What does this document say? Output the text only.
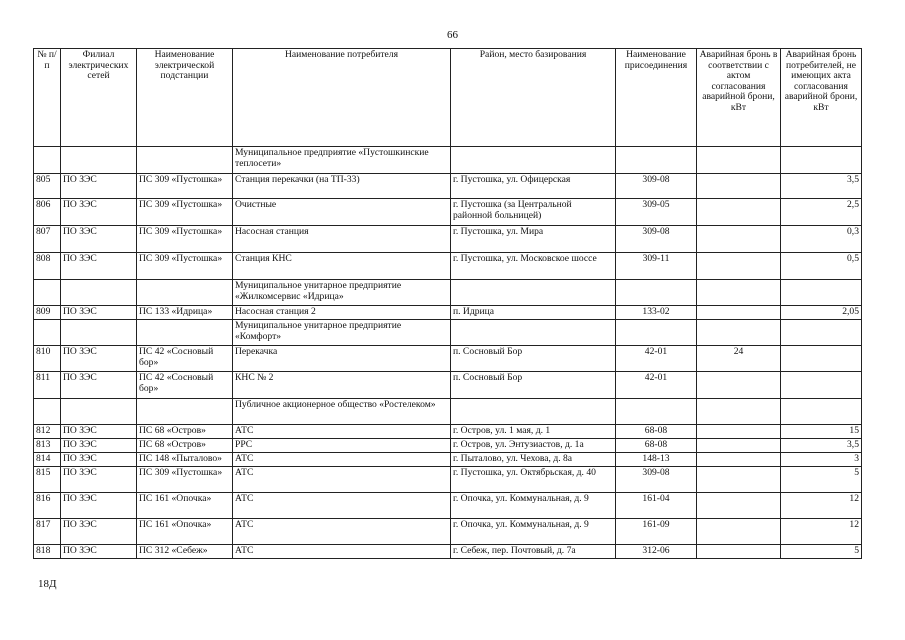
66
№ п/п	Филиал электрических сетей	Наименование электрической подстанции	Наименование потребителя	Район, место базирования	Наименование присоединения	Аварийная бронь в соответствии с актом согласования аварийной брони, кВт	Аварийная бронь потребителей, не имеющих акта согласования аварийной брони, кВт
			Муниципальное предприятие «Пустошкинские теплосети»				
805	ПО ЗЭС	ПС 309 «Пустошка»	Станция перекачки (на ТП-33)	г. Пустошка, ул. Офицерская	309-08		3,5
806	ПО ЗЭС	ПС 309 «Пустошка»	Очистные	г. Пустошка (за Центральной районной больницей)	309-05		2,5
807	ПО ЗЭС	ПС 309 «Пустошка»	Насосная станция	г. Пустошка, ул. Мира	309-08		0,3
808	ПО ЗЭС	ПС 309 «Пустошка»	Станция КНС	г. Пустошка, ул. Московское шоссе	309-11		0,5
			Муниципальное унитарное предприятие «Жилкомсервис «Идрица»				
809	ПО ЗЭС	ПС 133 «Идрица»	Насосная станция 2	п. Идрица	133-02		2,05
			Муниципальное унитарное предприятие «Комфорт»				
810	ПО ЗЭС	ПС 42 «Сосновый бор»	Перекачка	п. Сосновый Бор	42-01	24	
811	ПО ЗЭС	ПС 42 «Сосновый бор»	КНС № 2	п. Сосновый Бор	42-01		
			Публичное акционерное общество «Ростелеком»				
812	ПО ЗЭС	ПС 68 «Остров»	АТС	г. Остров, ул. 1 мая, д. 1	68-08		15
813	ПО ЗЭС	ПС 68 «Остров»	РРС	г. Остров, ул. Энтузиастов, д. 1а	68-08		3,5
814	ПО ЗЭС	ПС 148 «Пыталово»	АТС	г. Пыталово, ул. Чехова, д. 8а	148-13		3
815	ПО ЗЭС	ПС 309 «Пустошка»	АТС	г. Пустошка, ул. Октябрьская, д. 40	309-08		5
816	ПО ЗЭС	ПС 161 «Опочка»	АТС	г. Опочка, ул. Коммунальная, д. 9	161-04		12
817	ПО ЗЭС	ПС 161 «Опочка»	АТС	г. Опочка, ул. Коммунальная, д. 9	161-09		12
818	ПО ЗЭС	ПС 312 «Себеж»	АТС	г. Себеж, пер. Почтовый, д. 7а	312-06		5
18Д
